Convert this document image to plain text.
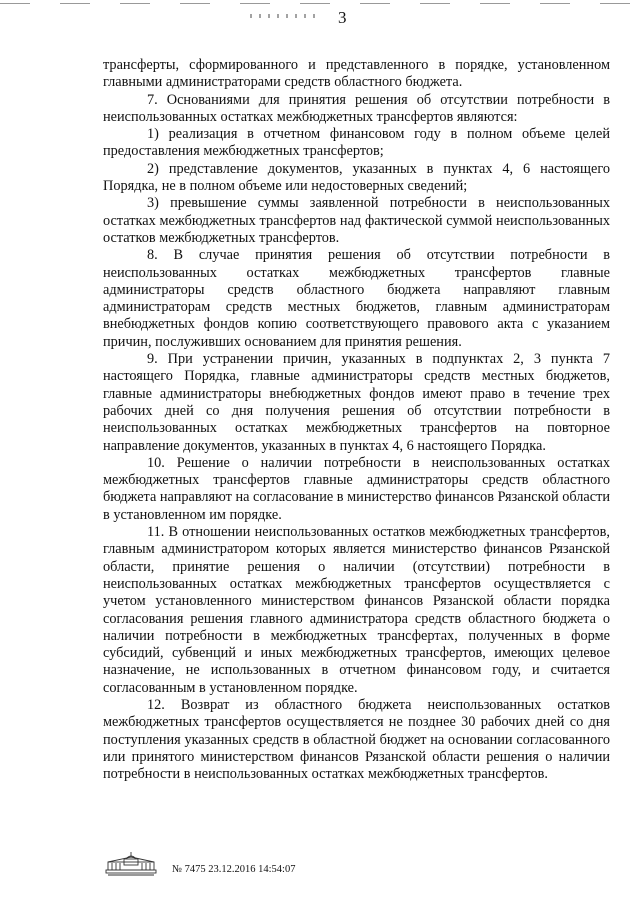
3

трансферты, сформированного и представленного в порядке, установленном главными администраторами средств областного бюджета.

7. Основаниями для принятия решения об отсутствии потребности в неиспользованных остатках межбюджетных трансфертов являются:

1) реализация в отчетном финансовом году в полном объеме целей предоставления межбюджетных трансфертов;

2) представление документов, указанных в пунктах 4, 6 настоящего Порядка, не в полном объеме или недостоверных сведений;

3) превышение суммы заявленной потребности в неиспользованных остатках межбюджетных трансфертов над фактической суммой неиспользованных остатков межбюджетных трансфертов.

8. В случае принятия решения об отсутствии потребности в неиспользованных остатках межбюджетных трансфертов главные администраторы средств областного бюджета направляют главным администраторам средств местных бюджетов, главным администраторам внебюджетных фондов копию соответствующего правового акта с указанием причин, послуживших основанием для принятия решения.

9. При устранении причин, указанных в подпунктах 2, 3 пункта 7 настоящего Порядка, главные администраторы средств местных бюджетов, главные администраторы внебюджетных фондов имеют право в течение трех рабочих дней со дня получения решения об отсутствии потребности в неиспользованных остатках межбюджетных трансфертов на повторное направление документов, указанных в пунктах 4, 6 настоящего Порядка.

10. Решение о наличии потребности в неиспользованных остатках межбюджетных трансфертов главные администраторы средств областного бюджета направляют на согласование в министерство финансов Рязанской области в установленном им порядке.

11. В отношении неиспользованных остатков межбюджетных трансфертов, главным администратором которых является министерство финансов Рязанской области, принятие решения о наличии (отсутствии) потребности в неиспользованных остатках межбюджетных трансфертов осуществляется с учетом установленного министерством финансов Рязанской области порядка согласования решения главного администратора средств областного бюджета о наличии потребности в межбюджетных трансфертах, полученных в форме субсидий, субвенций и иных межбюджетных трансфертов, имеющих целевое назначение, не использованных в отчетном финансовом году, и считается согласованным в установленном порядке.

12. Возврат из областного бюджета неиспользованных остатков межбюджетных трансфертов осуществляется не позднее 30 рабочих дней со дня поступления указанных средств в областной бюджет на основании согласованного или принятого министерством финансов Рязанской области решения о наличии потребности в неиспользованных остатках межбюджетных трансфертов.

№ 7475 23.12.2016 14:54:07
